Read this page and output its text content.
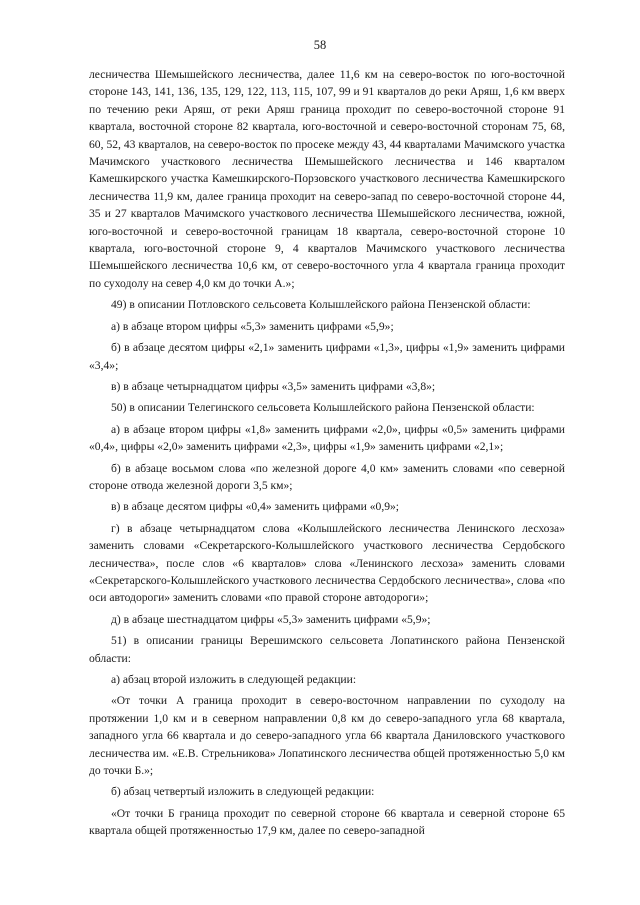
58

лесничества Шемышейского лесничества, далее 11,6 км на северо-восток по юго-восточной стороне 143, 141, 136, 135, 129, 122, 113, 115, 107, 99 и 91 кварталов до реки Аряш, 1,6 км вверх по течению реки Аряш, от реки Аряш граница проходит по северо-восточной стороне 91 квартала, восточной стороне 82 квартала, юго-восточной и северо-восточной сторонам 75, 68, 60, 52, 43 кварталов, на северо-восток по просеке между 43, 44 кварталами Мачимского участка Мачимского участкового лесничества Шемышейского лесничества и 146 кварталом Камешкирского участка Камешкирского-Порзовского участкового лесничества Камешкирского лесничества 11,9 км, далее граница проходит на северо-запад по северо-восточной стороне 44, 35 и 27 кварталов Мачимского участкового лесничества Шемышейского лесничества, южной, юго-восточной и северо-восточной границам 18 квартала, северо-восточной стороне 10 квартала, юго-восточной стороне 9, 4 кварталов Мачимского участкового лесничества Шемышейского лесничества 10,6 км, от северо-восточного угла 4 квартала граница проходит по суходолу на север 4,0 км до точки А.»;

49) в описании Потловского сельсовета Колышлейского района Пензенской области:

а) в абзаце втором цифры «5,3» заменить цифрами «5,9»;

б) в абзаце десятом цифры «2,1» заменить цифрами «1,3», цифры «1,9» заменить цифрами «3,4»;

в) в абзаце четырнадцатом цифры «3,5» заменить цифрами «3,8»;

50) в описании Телегинского сельсовета Колышлейского района Пензенской области:

а) в абзаце втором цифры «1,8» заменить цифрами «2,0», цифры «0,5» заменить цифрами «0,4», цифры «2,0» заменить цифрами «2,3», цифры «1,9» заменить цифрами «2,1»;

б) в абзаце восьмом слова «по железной дороге 4,0 км» заменить словами «по северной стороне отвода железной дороги 3,5 км»;

в) в абзаце десятом цифры «0,4» заменить цифрами «0,9»;

г) в абзаце четырнадцатом слова «Колышлейского лесничества Ленинского лесхоза» заменить словами «Секретарского-Колышлейского участкового лесничества Сердобского лесничества», после слов «6 кварталов» слова «Ленинского лесхоза» заменить словами «Секретарского-Колышлейского участкового лесничества Сердобского лесничества», слова «по оси автодороги» заменить словами «по правой стороне автодороги»;

д) в абзаце шестнадцатом цифры «5,3» заменить цифрами «5,9»;

51) в описании границы Верешимского сельсовета Лопатинского района Пензенской области:

а) абзац второй изложить в следующей редакции:

«От точки А граница проходит в северо-восточном направлении по суходолу на протяжении 1,0 км и в северном направлении 0,8 км до северо-западного угла 68 квартала, западного угла 66 квартала и до северо-западного угла 66 квартала Даниловского участкового лесничества им. «Е.В. Стрельникова» Лопатинского лесничества общей протяженностью 5,0 км до точки Б.»;

б) абзац четвертый изложить в следующей редакции:

«От точки Б граница проходит по северной стороне 66 квартала и северной стороне 65 квартала общей протяженностью 17,9 км, далее по северо-западной
